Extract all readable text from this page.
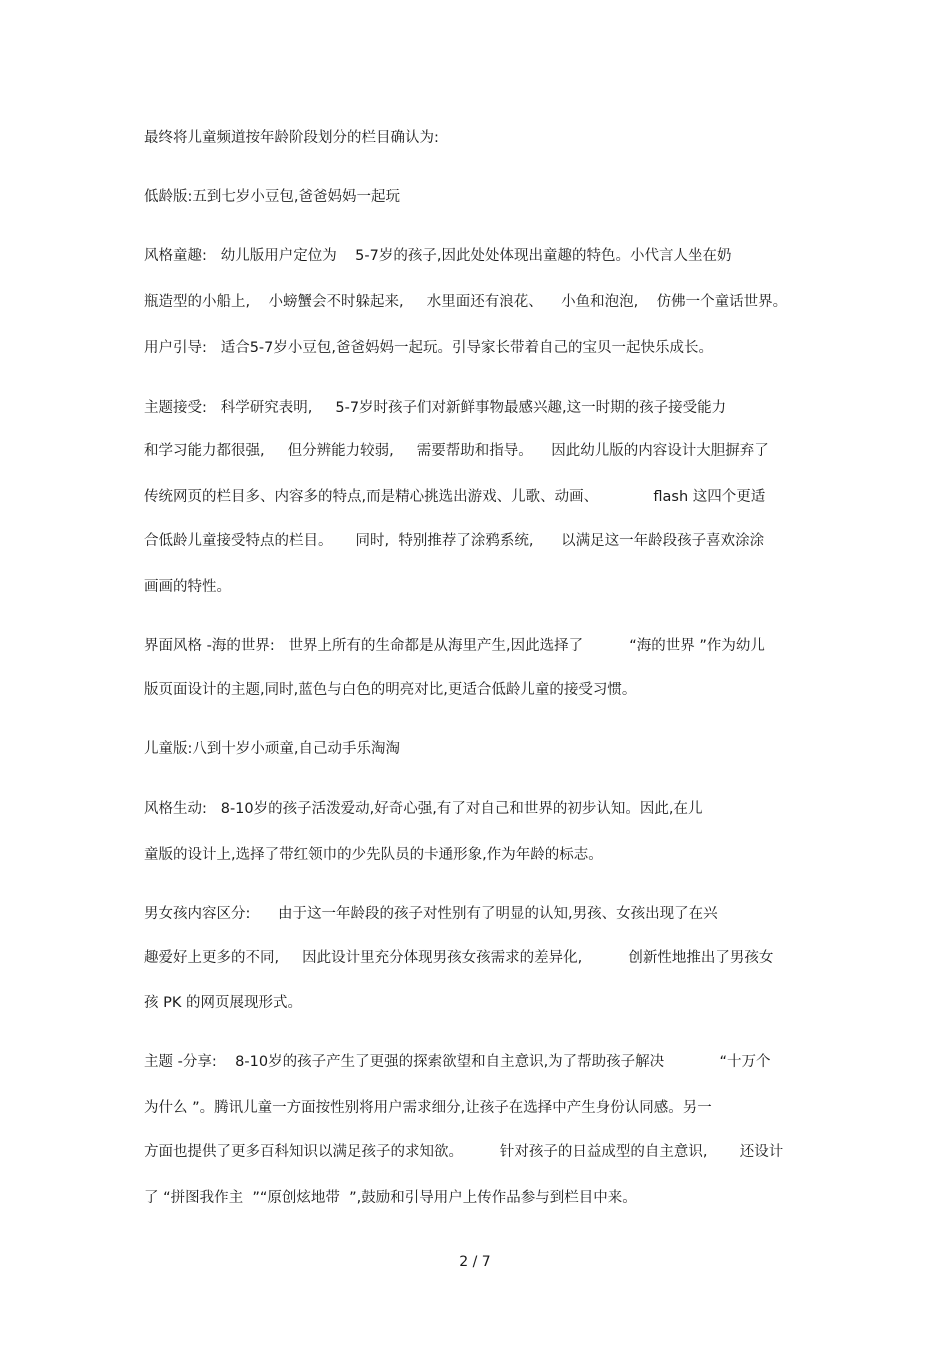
最终将儿童频道按年龄阶段划分的栏目确认为:
低龄版:五到七岁小豆包,爸爸妈妈一起玩
风格童趣:   幼儿版用户定位为    5-7岁的孩子,因此处处体现出童趣的特色。小代言人坐在奶
瓶造型的小船上,    小螃蟹会不时躲起来,     水里面还有浪花、    小鱼和泡泡,    仿佛一个童话世界。
用户引导:   适合5-7岁小豆包,爸爸妈妈一起玩。引导家长带着自己的宝贝一起快乐成长。
主题接受:   科学研究表明,     5-7岁时孩子们对新鲜事物最感兴趣,这一时期的孩子接受能力
和学习能力都很强,     但分辨能力较弱,     需要帮助和指导。    因此幼儿版的内容设计大胆摒弃了
传统网页的栏目多、内容多的特点,而是精心挑选出游戏、儿歌、动画、            flash 这四个更适
合低龄儿童接受特点的栏目。     同时,  特别推荐了涂鸦系统,      以满足这一年龄段孩子喜欢涂涂
画画的特性。
界面风格 -海的世界:   世界上所有的生命都是从海里产生,因此选择了          “海的世界 ”作为幼儿
版页面设计的主题,同时,蓝色与白色的明亮对比,更适合低龄儿童的接受习惯。
儿童版:八到十岁小顽童,自己动手乐淘淘
风格生动:   8-10岁的孩子活泼爱动,好奇心强,有了对自己和世界的初步认知。因此,在儿
童版的设计上,选择了带红领巾的少先队员的卡通形象,作为年龄的标志。
男女孩内容区分:      由于这一年龄段的孩子对性别有了明显的认知,男孩、女孩出现了在兴
趣爱好上更多的不同,     因此设计里充分体现男孩女孩需求的差异化,          创新性地推出了男孩女
孩 PK 的网页展现形式。
主题 -分享:    8-10岁的孩子产生了更强的探索欲望和自主意识,为了帮助孩子解决            “十万个
为什么 ”。腾讯儿童一方面按性别将用户需求细分,让孩子在选择中产生身份认同感。另一
方面也提供了更多百科知识以满足孩子的求知欲。        针对孩子的日益成型的自主意识,       还设计
了 “拼图我作主  ”“原创炫地带  ”,鼓励和引导用户上传作品参与到栏目中来。
2 / 7
